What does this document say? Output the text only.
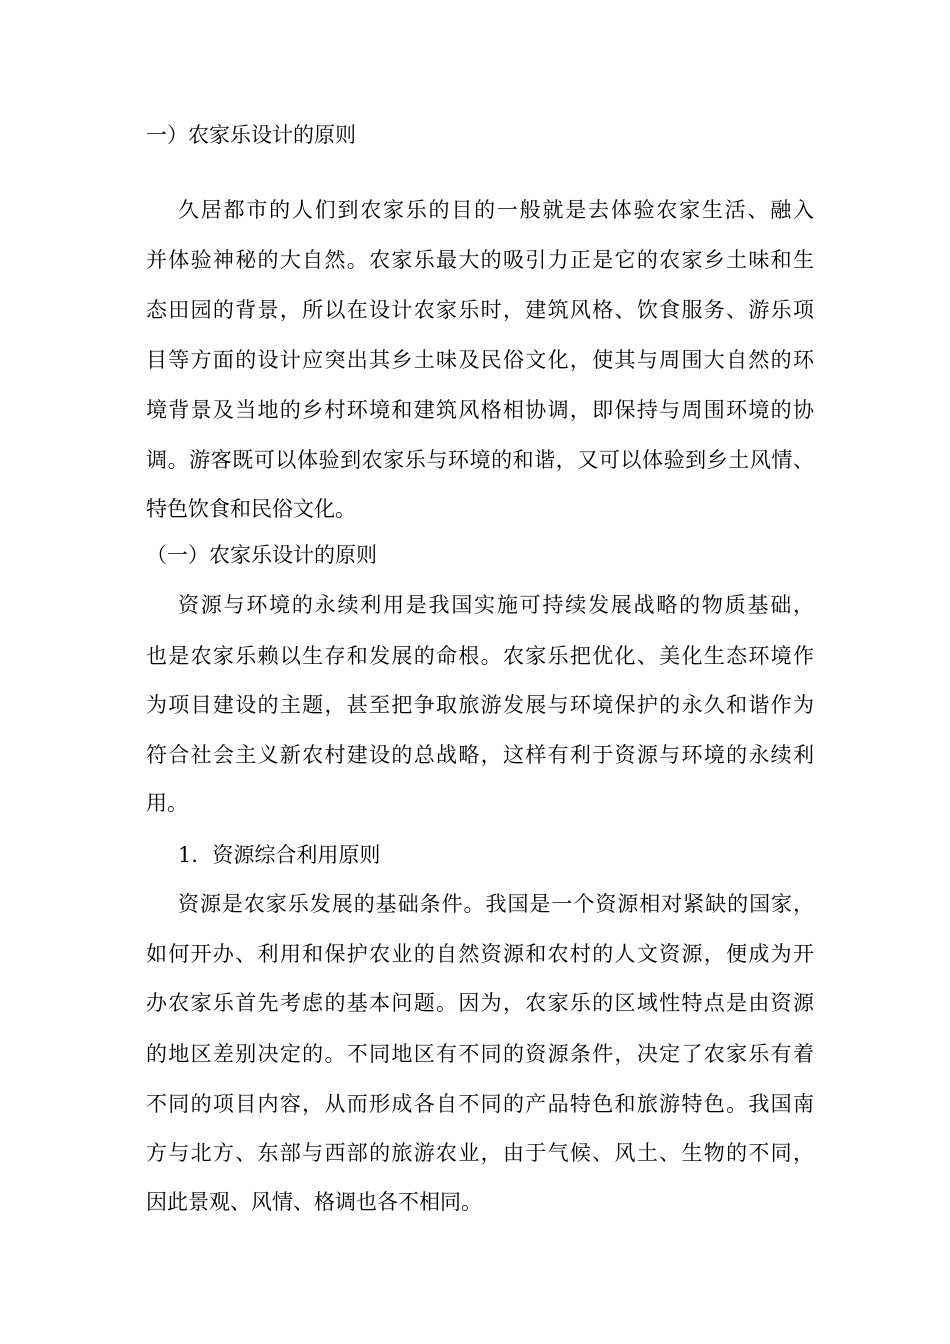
一）农家乐设计的原则
久居都市的人们到农家乐的目的一般就是去体验农家生活、融入
并体验神秘的大自然。农家乐最大的吸引力正是它的农家乡土味和生
态田园的背景，所以在设计农家乐时，建筑风格、饮食服务、游乐项
目等方面的设计应突出其乡土味及民俗文化，使其与周围大自然的环
境背景及当地的乡村环境和建筑风格相协调，即保持与周围环境的协
调。游客既可以体验到农家乐与环境的和谐，又可以体验到乡土风情、
特色饮食和民俗文化。
（一）农家乐设计的原则
资源与环境的永续利用是我国实施可持续发展战略的物质基础，
也是农家乐赖以生存和发展的命根。农家乐把优化、美化生态环境作
为项目建设的主题，甚至把争取旅游发展与环境保护的永久和谐作为
符合社会主义新农村建设的总战略，这样有利于资源与环境的永续利
用。
1．资源综合利用原则
资源是农家乐发展的基础条件。我国是一个资源相对紧缺的国家，
如何开办、利用和保护农业的自然资源和农村的人文资源，便成为开
办农家乐首先考虑的基本问题。因为，农家乐的区域性特点是由资源
的地区差别决定的。不同地区有不同的资源条件，决定了农家乐有着
不同的项目内容，从而形成各自不同的产品特色和旅游特色。我国南
方与北方、东部与西部的旅游农业，由于气候、风土、生物的不同，
因此景观、风情、格调也各不相同。
